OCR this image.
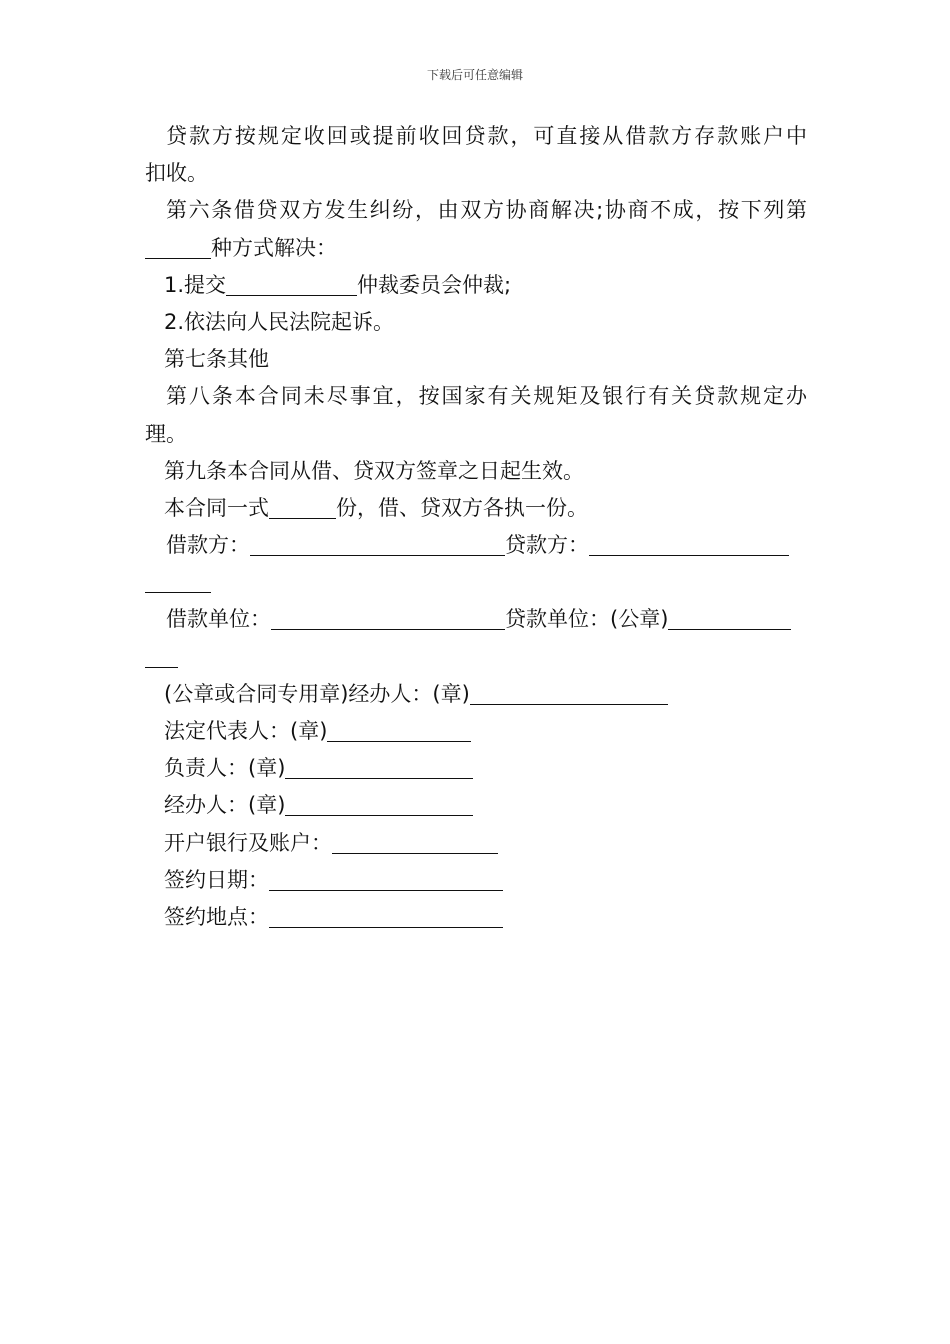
下载后可任意编辑
贷款方按规定收回或提前收回贷款，可直接从借款方存款账户中
扣收。
第六条借贷双方发生纠纷，由双方协商解决;协商不成，按下列第
种方式解决：
1.提交	仲裁委员会仲裁;
2.依法向人民法院起诉。
第七条其他
第八条本合同未尽事宜，按国家有关规矩及银行有关贷款规定办
理。
第九条本合同从借、贷双方签章之日起生效。
本合同一式	份，借、贷双方各执一份。
借款方：	贷款方：
借款单位：	贷款单位：(公章)
(公章或合同专用章)经办人：(章)
法定代表人：(章)
负责人：(章)
经办人：(章)
开户银行及账户：
签约日期：
签约地点：
